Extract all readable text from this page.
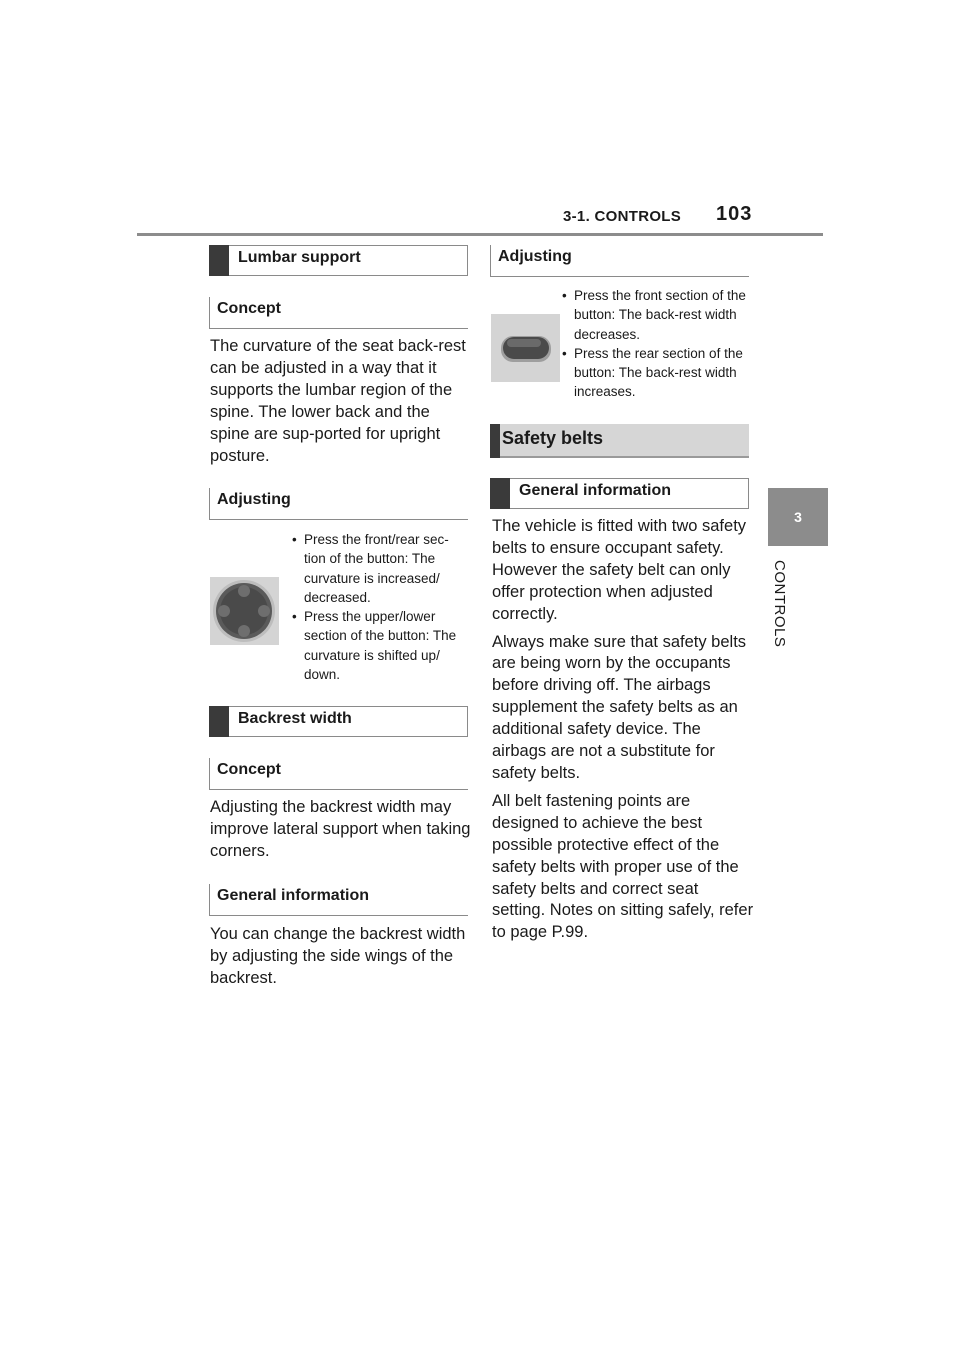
3-1. CONTROLS 103
3
CONTROLS
Lumbar support
Concept

The curvature of the seat back-rest can be adjusted in a way that it supports the lumbar region of the spine. The lower back and the spine are sup-ported for upright posture.

Adjusting
• Press the front/rear sec-tion of the button: The curvature is increased/ decreased.
• Press the upper/lower section of the button: The curvature is shifted up/ down.
Backrest width
Concept

Adjusting the backrest width may improve lateral support when taking corners.

General information

You can change the backrest width by adjusting the side wings of the backrest.

Adjusting
• Press the front section of the button: The back-rest width decreases.
• Press the rear section of the button: The back-rest width increases.
Safety belts
General information

The vehicle is fitted with two safety belts to ensure occupant safety. However the safety belt can only offer protection when adjusted correctly.

Always make sure that safety belts are being worn by the occupants before driving off. The airbags supplement the safety belts as an additional safety device. The airbags are not a substitute for safety belts.

All belt fastening points are designed to achieve the best possible protective effect of the safety belts with proper use of the safety belts and correct seat setting. Notes on sitting safely, refer to page P.99.
